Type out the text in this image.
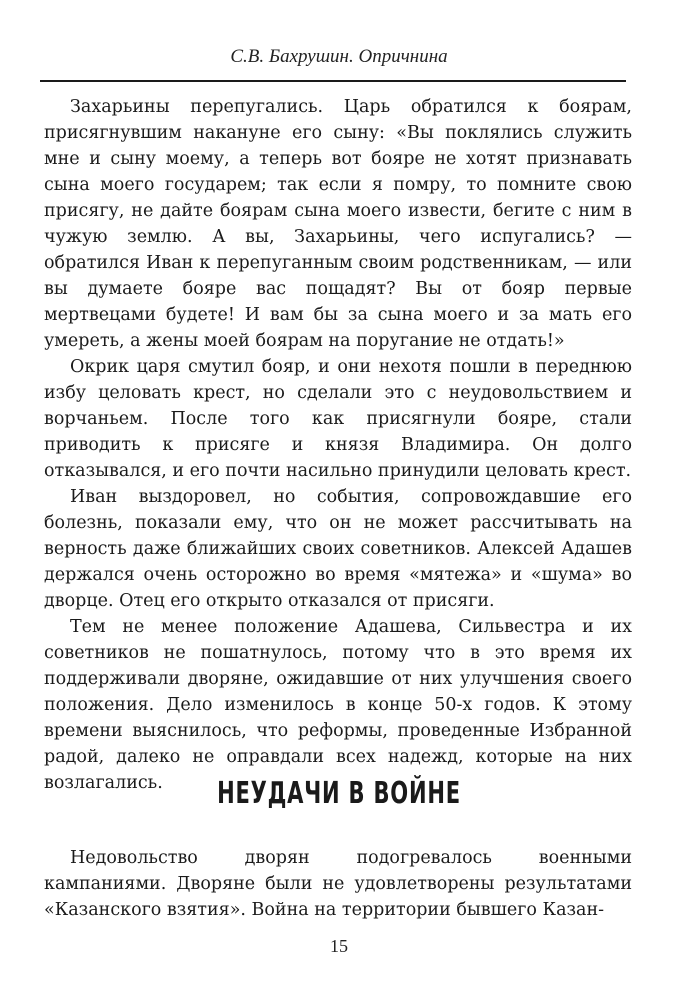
С.В. Бахрушин. Опричнина

Захарьины перепугались. Царь обратился к боярам, присягнувшим накануне его сыну: «Вы поклялись служить мне и сыну моему, а теперь вот бояре не хотят признавать сына моего государем; так если я помру, то помните свою присягу, не дайте боярам сына моего извести, бегите с ним в чужую землю. А вы, Захарьины, чего испугались? — обратился Иван к перепуганным своим родственникам, — или вы думаете бояре вас пощадят? Вы от бояр первые мертвецами будете! И вам бы за сына моего и за мать его умереть, а жены моей боярам на поругание не отдать!»

Окрик царя смутил бояр, и они нехотя пошли в переднюю избу целовать крест, но сделали это с неудовольствием и ворчаньем. После того как присягнули бояре, стали приводить к присяге и князя Владимира. Он долго отказывался, и его почти насильно принудили целовать крест.

Иван выздоровел, но события, сопровождавшие его болезнь, показали ему, что он не может рассчитывать на верность даже ближайших своих советников. Алексей Адашев держался очень осторожно во время «мятежа» и «шума» во дворце. Отец его открыто отказался от присяги.

Тем не менее положение Адашева, Сильвестра и их советников не пошатнулось, потому что в это время их поддерживали дворяне, ожидавшие от них улучшения своего положения. Дело изменилось в конце 50-х годов. К этому времени выяснилось, что реформы, проведенные Избранной радой, далеко не оправдали всех надежд, которые на них возлагались.	НЕУДАЧИ В ВОЙНЕ

Недовольство дворян подогревалось военными кампаниями. Дворяне были не удовлетворены результатами «Казанского взятия». Война на территории бывшего Казан-

15
